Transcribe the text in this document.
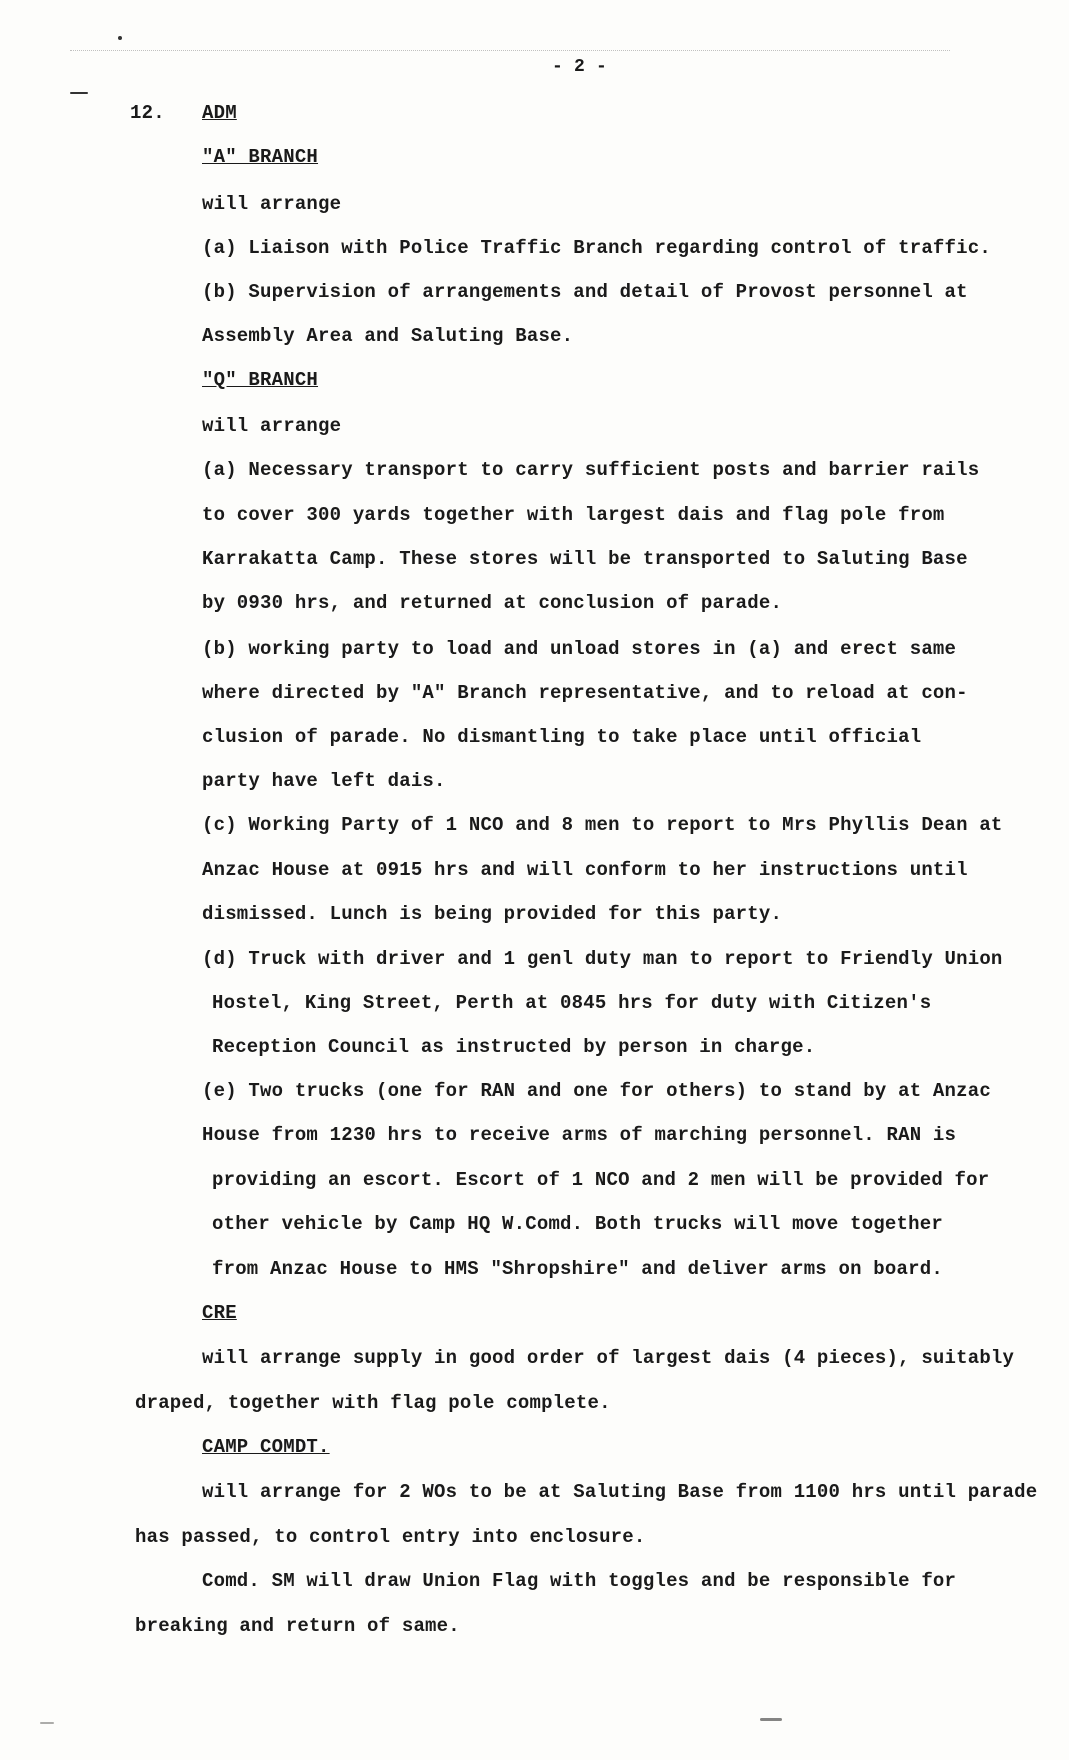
- 2 -
12. ADM
"A" BRANCH
will arrange
(a) Liaison with Police Traffic Branch regarding control of traffic.
(b) Supervision of arrangements and detail of Provost personnel at
Assembly Area and Saluting Base.
"Q" BRANCH
will arrange
(a) Necessary transport to carry sufficient posts and barrier rails
to cover 300 yards together with largest dais and flag pole from
Karrakatta Camp. These stores will be transported to Saluting Base
by 0930 hrs, and returned at conclusion of parade.
(b) working party to load and unload stores in (a) and erect same
where directed by "A" Branch representative, and to reload at con-
clusion of parade. No dismantling to take place until official
party have left dais.
(c) Working Party of 1 NCO and 8 men to report to Mrs Phyllis Dean at
Anzac House at 0915 hrs and will conform to her instructions until
dismissed. Lunch is being provided for this party.
(d) Truck with driver and 1 genl duty man to report to Friendly Union
Hostel, King Street, Perth at 0845 hrs for duty with Citizen's
Reception Council as instructed by person in charge.
(e) Two trucks (one for RAN and one for others) to stand by at Anzac
House from 1230 hrs to receive arms of marching personnel. RAN is
providing an escort. Escort of 1 NCO and 2 men will be provided for
other vehicle by Camp HQ W.Comd. Both trucks will move together
from Anzac House to HMS "Shropshire" and deliver arms on board.
CRE
will arrange supply in good order of largest dais (4 pieces), suitably
draped, together with flag pole complete.
CAMP COMDT.
will arrange for 2 WOs to be at Saluting Base from 1100 hrs until parade
has passed, to control entry into enclosure.
Comd. SM will draw Union Flag with toggles and be responsible for
breaking and return of same.
